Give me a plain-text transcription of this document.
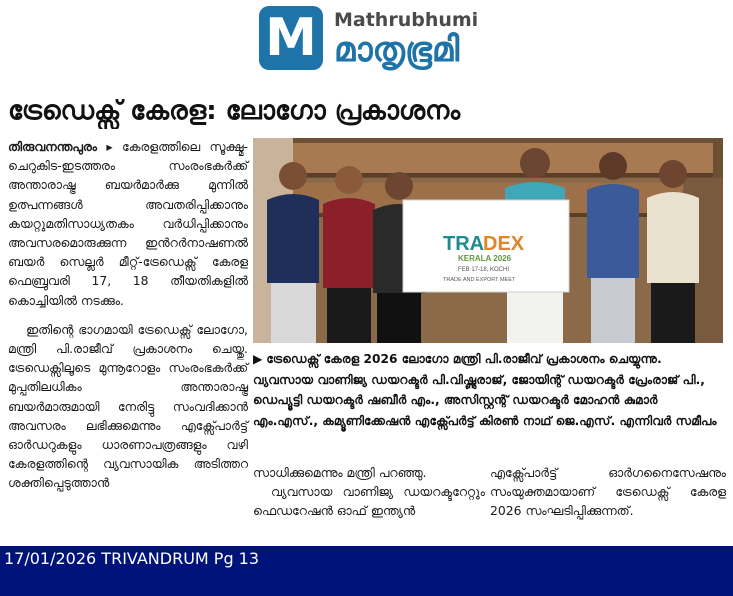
M Mathrubhumi
മാതൃഭൂമി
ട്രേഡെക്സ് കേരള: ലോഗോ പ്രകാശനം

തിരുവനന്തപുരം ▸ കേരളത്തിലെ സൂക്ഷ്മ-ചെറുകിട-ഇടത്തരം സംരംഭകർക്ക് അന്താരാഷ്ട്ര ബയർമാർക്കു മുന്നിൽ ഉത്പന്നങ്ങൾ അവതരിപ്പിക്കാനും കയറ്റുമതിസാധ്യതകം വർധിപ്പിക്കാനും അവസരമൊരുക്കുന്ന ഇൻറർനാഷണൽ ബയർ സെല്ലർ മീറ്റ്-ട്രേഡെക്സ് കേരള ഫെബ്രുവരി 17, 18 തീയതികളിൽ കൊച്ചിയിൽ നടക്കും.

ഇതിന്റെ ഭാഗമായി ട്രേഡെക്സ് ലോഗോ, മന്ത്രി പി.രാജീവ് പ്രകാശനം ചെയ്തു. ട്രേഡെക്സിലൂടെ മുന്നൂറോളം സംരംഭകർക്ക് മുപ്പതിലധികം അന്താരാഷ്ട്ര ബയർമാരുമായി നേരിട്ടു സംവദിക്കാൻ അവസരം ലഭിക്കുമെന്നും എക്സ്പോർട്ട് ഓർഡറുകളും ധാരണാപത്രങ്ങളും വഴി കേരളത്തിന്റെ വ്യവസായിക അടിത്തറ ശക്തിപ്പെടുത്താൻ

TRA
DEX
KERALA 2026
FEB 17-18, KOCHI
TRADE AND EXPORT MEET
▶ ട്രേഡെക്സ് കേരള 2026 ലോഗോ മന്ത്രി പി.രാജീവ് പ്രകാശനം ചെയ്യുന്നു. വ്യവസായ വാണിജ്യ ഡയറക്ടർ പി.വിഷ്ണുരാജ്, ജോയിന്റ് ഡയറക്ടർ പ്രേംരാജ് പി., ഡെപ്യൂട്ടി ഡയറക്ടർ ഷബീർ എം., അസിസ്റ്റന്റ് ഡയറക്ടർ മോഹൻ കുമാർ എം.എസ്., കമ്യൂണിക്കേഷൻ എക്സ്പേർട്ട് കിരൺ നാഥ് ജെ.എസ്. എന്നിവർ സമീപം

സാധിക്കുമെന്നും മന്ത്രി പറഞ്ഞു.

വ്യവസായ വാണിജ്യ ഡയറക്ടറേറ്റും ഫെഡറേഷൻ ഓഫ് ഇന്ത്യൻ

എക്സ്പോർട്ട് ഓർഗനൈസേഷനും സംയുക്തമായാണ് ട്രേഡെക്സ് കേരള 2026 സംഘടിപ്പിക്കുന്നത്.

17/01/2026 TRIVANDRUM Pg 13
